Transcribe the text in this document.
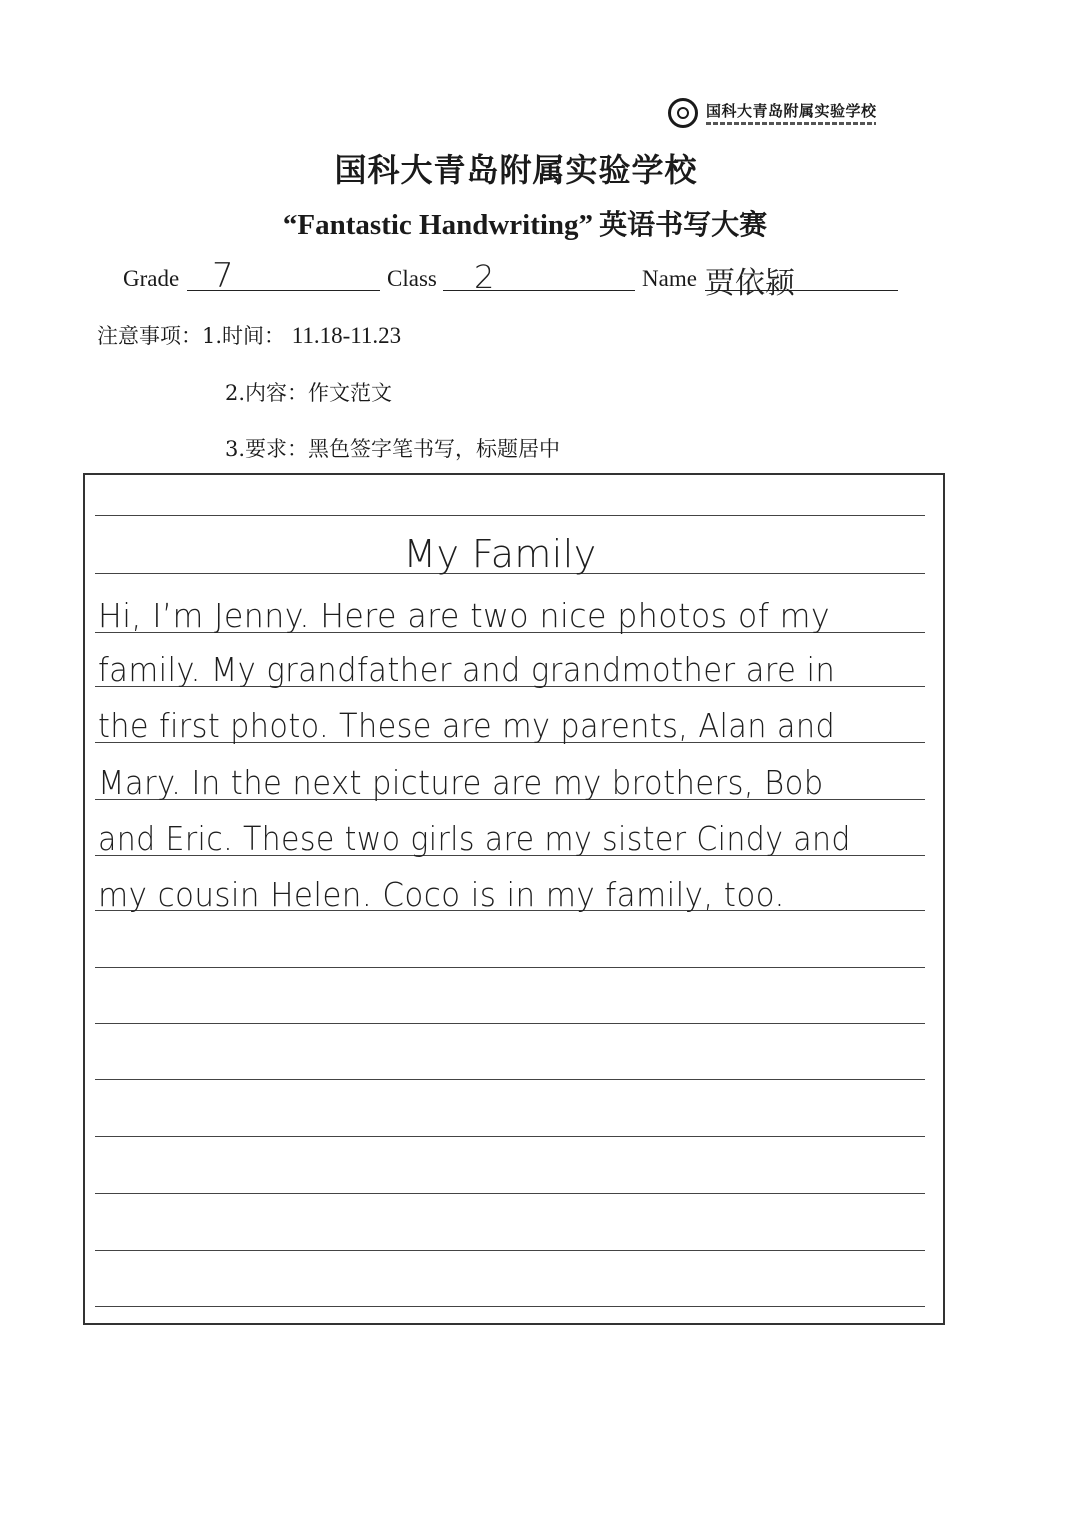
国科大青岛附属实验学校
国科大青岛附属实验学校
“Fantastic Handwriting” 英语书写大赛
Grade 7	Class 2	Name 贾依颍
注意事项：1.时间： 11.18-11.23
2.内容：作文范文
3.要求：黑色签字笔书写，标题居中
My Family
Hi, I’m Jenny. Here are two nice photos of my
family. My grandfather and grandmother are in
the first photo. These are my parents, Alan and
Mary. In the next picture are my brothers, Bob
and Eric. These two girls are my sister Cindy and
my cousin Helen. Coco is in my family, too.
